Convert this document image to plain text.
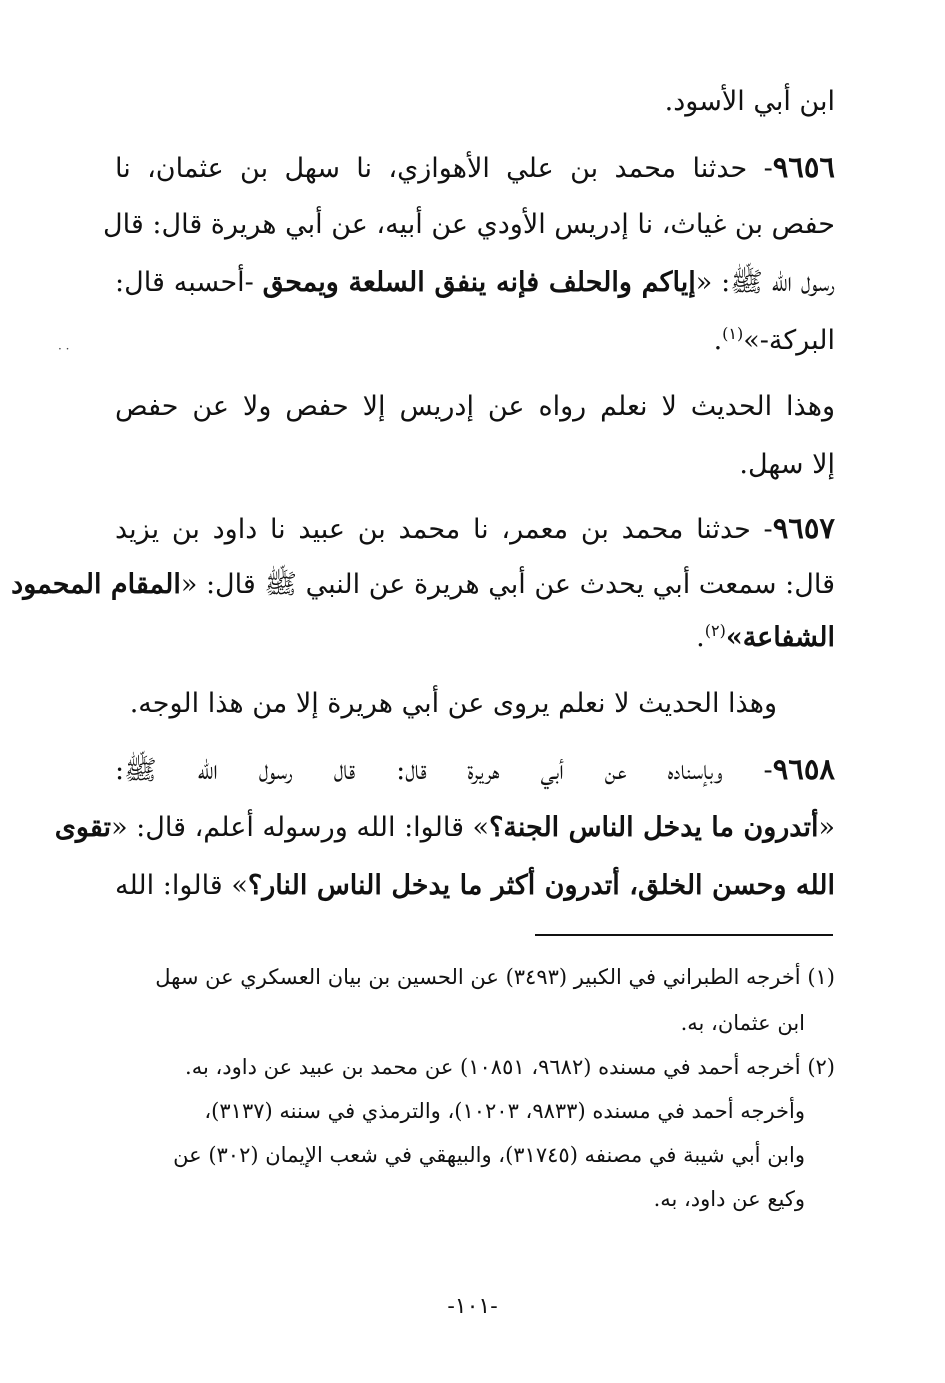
ابن أبي الأسود.
٩٦٥٦- حدثنا محمد بن علي الأهوازي، نا سهل بن عثمان، نا
حفص بن غياث، نا إدريس الأودي عن أبيه، عن أبي هريرة قال: قال
رسول الله ﷺ: «إياكم والحلف فإنه ينفق السلعة ويمحق -أحسبه قال:
البركة-»$^{(١)}$.
وهذا الحديث لا نعلم رواه عن إدريس إلا حفص ولا عن حفص
إلا سهل.
٩٦٥٧- حدثنا محمد بن معمر، نا محمد بن عبيد نا داود بن يزيد
قال: سمعت أبي يحدث عن أبي هريرة عن النبي ﷺ قال: «المقام المحمود
الشفاعة»$^{(٢)}$.
وهذا الحديث لا نعلم يروى عن أبي هريرة إلا من هذا الوجه.
٩٦٥٨- وبإسناده عن أبي هريرة قال: قال رسول الله ﷺ:
«أتدرون ما يدخل الناس الجنة؟» قالوا: الله ورسوله أعلم، قال: «تقوى
الله وحسن الخلق، أتدرون أكثر ما يدخل الناس النار؟» قالوا: الله
(١) أخرجه الطبراني في الكبير (٣٤٩٣) عن الحسين بن بيان العسكري عن سهل
ابن عثمان، به.
(٢) أخرجه أحمد في مسنده (٩٦٨٢، ١٠٨٥١) عن محمد بن عبيد عن داود، به.
وأخرجه أحمد في مسنده (٩٨٣٣، ١٠٢٠٣)، والترمذي في سننه (٣١٣٧)،
وابن أبي شيبة في مصنفه (٣١٧٤٥)، والبيهقي في شعب الإيمان (٣٠٢) عن
وكيع عن داود، به.
-١٠١-
· ·
